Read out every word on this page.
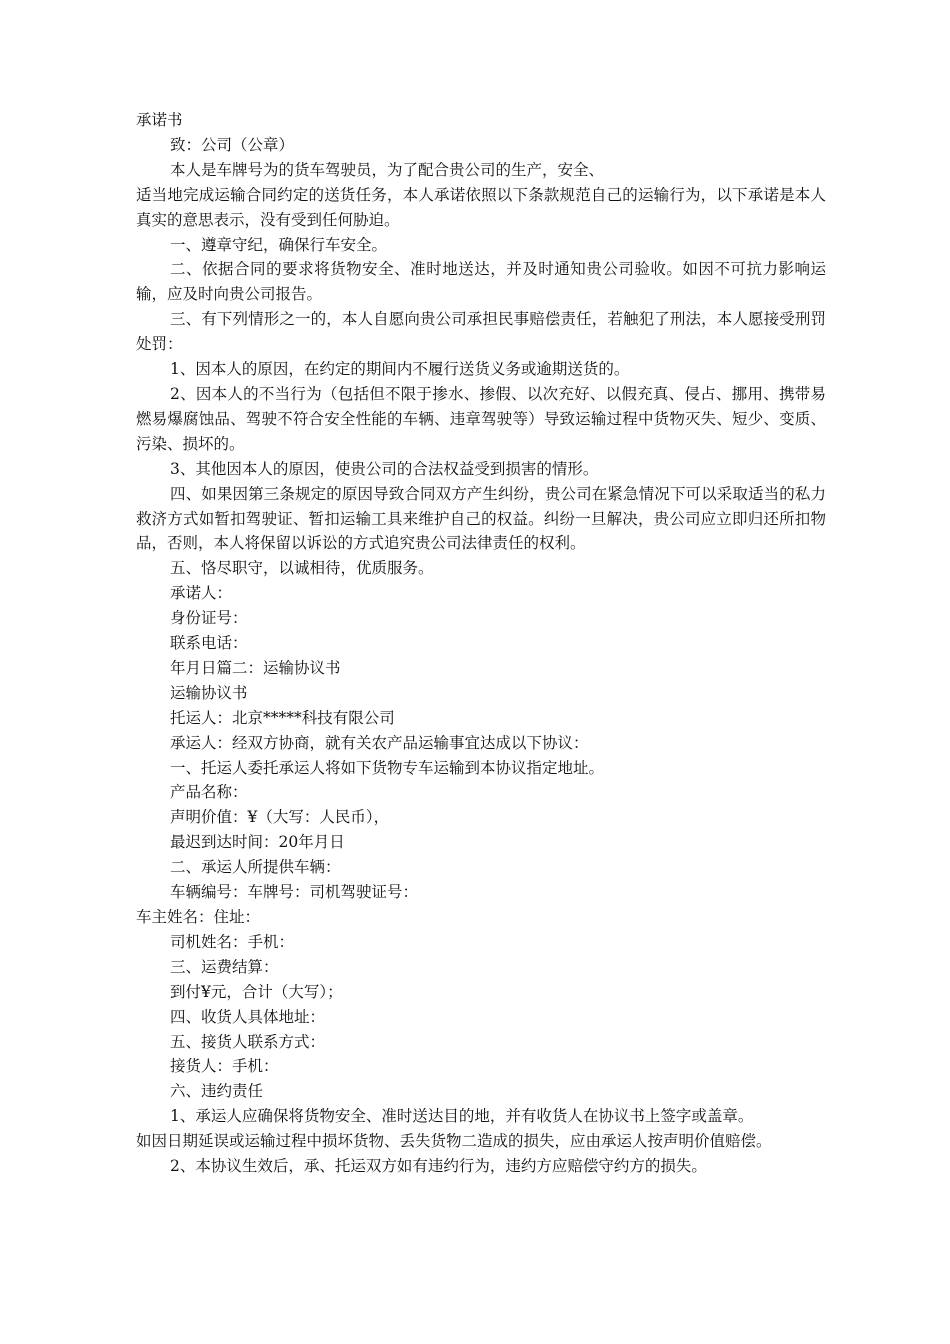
承诺书

致：公司（公章）

本人是车牌号为的货车驾驶员，为了配合贵公司的生产，安全、

适当地完成运输合同约定的送货任务，本人承诺依照以下条款规范自己的运输行为，以下承诺是本人真实的意思表示，没有受到任何胁迫。

一、遵章守纪，确保行车安全。

二、依据合同的要求将货物安全、准时地送达，并及时通知贵公司验收。如因不可抗力影响运输，应及时向贵公司报告。

三、有下列情形之一的，本人自愿向贵公司承担民事赔偿责任，若触犯了刑法，本人愿接受刑罚处罚：

1、因本人的原因，在约定的期间内不履行送货义务或逾期送货的。

2、因本人的不当行为（包括但不限于掺水、掺假、以次充好、以假充真、侵占、挪用、携带易燃易爆腐蚀品、驾驶不符合安全性能的车辆、违章驾驶等）导致运输过程中货物灭失、短少、变质、污染、损坏的。

3、其他因本人的原因，使贵公司的合法权益受到损害的情形。

四、如果因第三条规定的原因导致合同双方产生纠纷，贵公司在紧急情况下可以采取适当的私力救济方式如暂扣驾驶证、暂扣运输工具来维护自己的权益。纠纷一旦解决，贵公司应立即归还所扣物品，否则，本人将保留以诉讼的方式追究贵公司法律责任的权利。

五、恪尽职守，以诚相待，优质服务。

承诺人：

身份证号：

联系电话：

年月日篇二：运输协议书

运输协议书

托运人：北京*****科技有限公司

承运人：经双方协商，就有关农产品运输事宜达成以下协议：

一、托运人委托承运人将如下货物专车运输到本协议指定地址。

产品名称：

声明价值：¥（大写：人民币），

最迟到达时间：20年月日

二、承运人所提供车辆：

车辆编号：车牌号：司机驾驶证号：

车主姓名：住址：

司机姓名：手机：

三、运费结算：

到付¥元，合计（大写）；

四、收货人具体地址：

五、接货人联系方式：

接货人：手机：

六、违约责任

1、承运人应确保将货物安全、准时送达目的地，并有收货人在协议书上签字或盖章。

如因日期延误或运输过程中损坏货物、丢失货物二造成的损失，应由承运人按声明价值赔偿。

2、本协议生效后，承、托运双方如有违约行为，违约方应赔偿守约方的损失。
